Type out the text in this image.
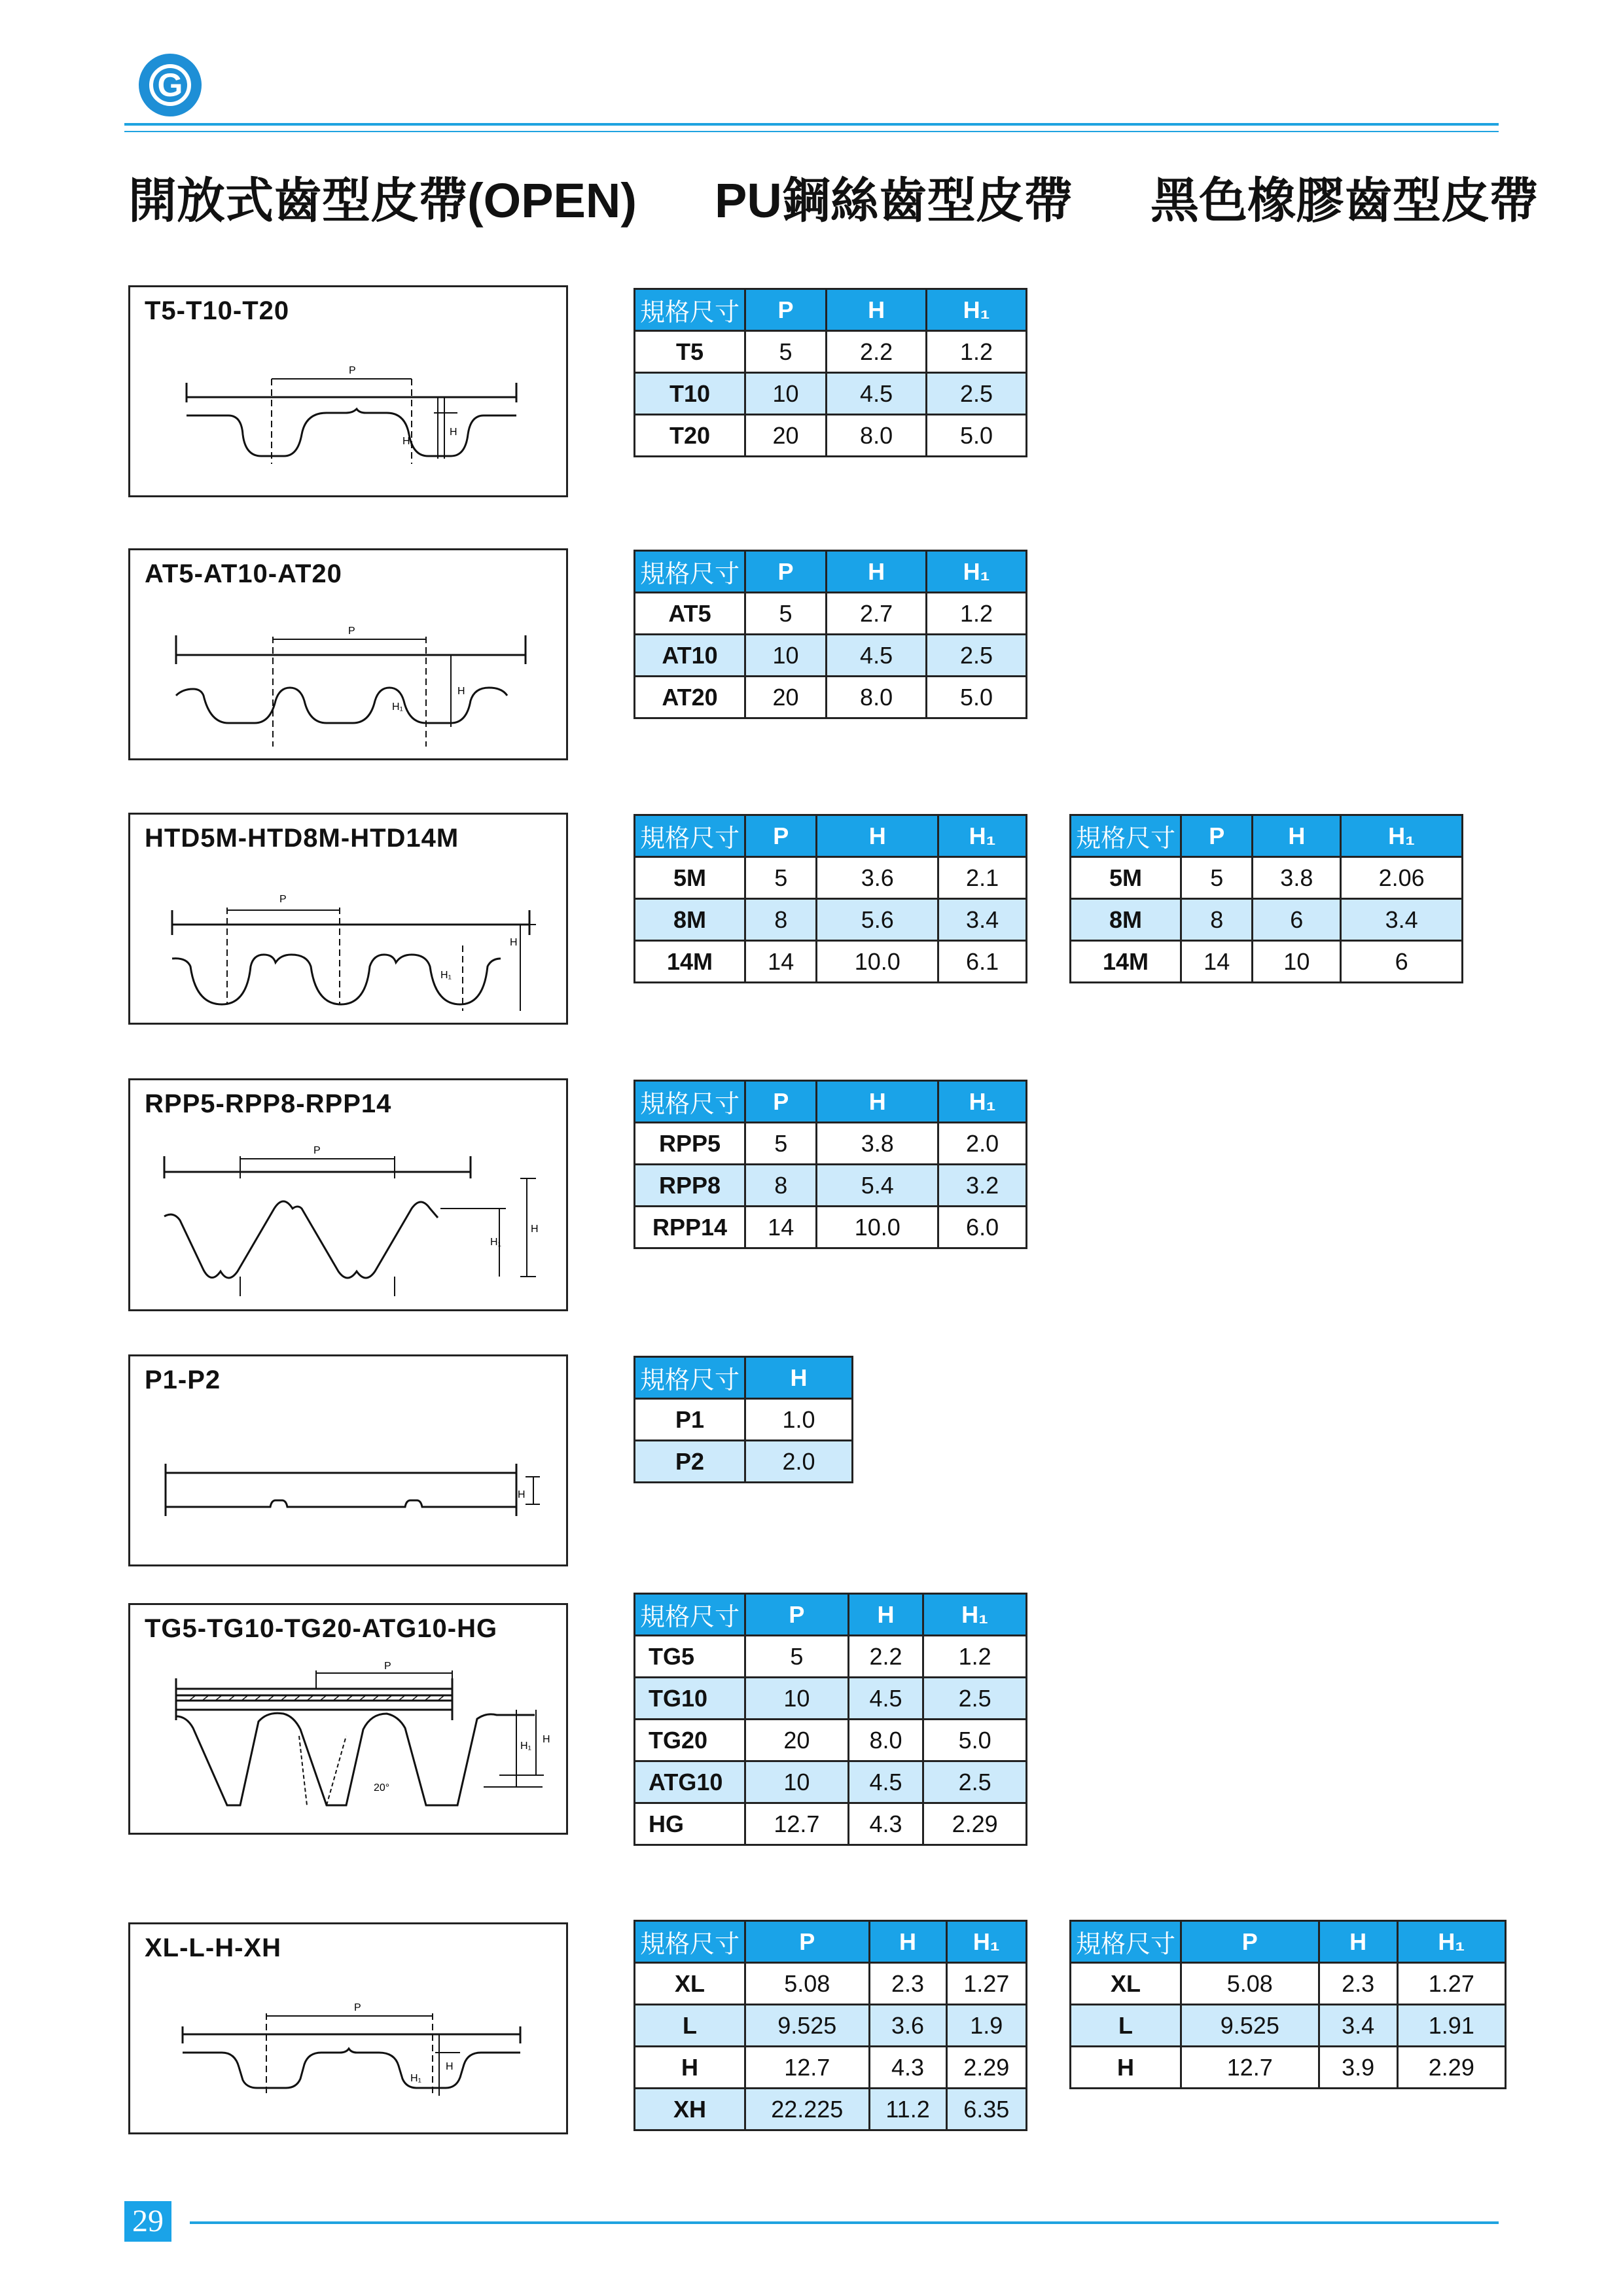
G
開放式齒型皮帶(OPEN) PU鋼絲齒型皮帶 黑色橡膠齒型皮帶
T5-T10-T20
P
H
H₁
規格尺寸	P	H	H₁
T5	5	2.2	1.2
T10	10	4.5	2.5
T20	20	8.0	5.0
AT5-AT10-AT20
P
H
H₁
規格尺寸	P	H	H₁
AT5	5	2.7	1.2
AT10	10	4.5	2.5
AT20	20	8.0	5.0
HTD5M-HTD8M-HTD14M
P
H
H₁
規格尺寸	P	H	H₁
5M	5	3.6	2.1
8M	8	5.6	3.4
14M	14	10.0	6.1
規格尺寸	P	H	H₁
5M	5	3.8	2.06
8M	8	6	3.4
14M	14	10	6
RPP5-RPP8-RPP14
P
H
H₁
規格尺寸	P	H	H₁
RPP5	5	3.8	2.0
RPP8	8	5.4	3.2
RPP14	14	10.0	6.0
P1-P2
H
規格尺寸	H
P1	1.0
P2	2.0
TG5-TG10-TG20-ATG10-HG
P
H
H₁
20°
規格尺寸	P	H	H₁
TG5	5	2.2	1.2
TG10	10	4.5	2.5
TG20	20	8.0	5.0
ATG10	10	4.5	2.5
HG	12.7	4.3	2.29
XL-L-H-XH
P
H
H₁
規格尺寸	P	H	H₁
XL	5.08	2.3	1.27
L	9.525	3.6	1.9
H	12.7	4.3	2.29
XH	22.225	11.2	6.35
規格尺寸	P	H	H₁
XL	5.08	2.3	1.27
L	9.525	3.4	1.91
H	12.7	3.9	2.29
29
